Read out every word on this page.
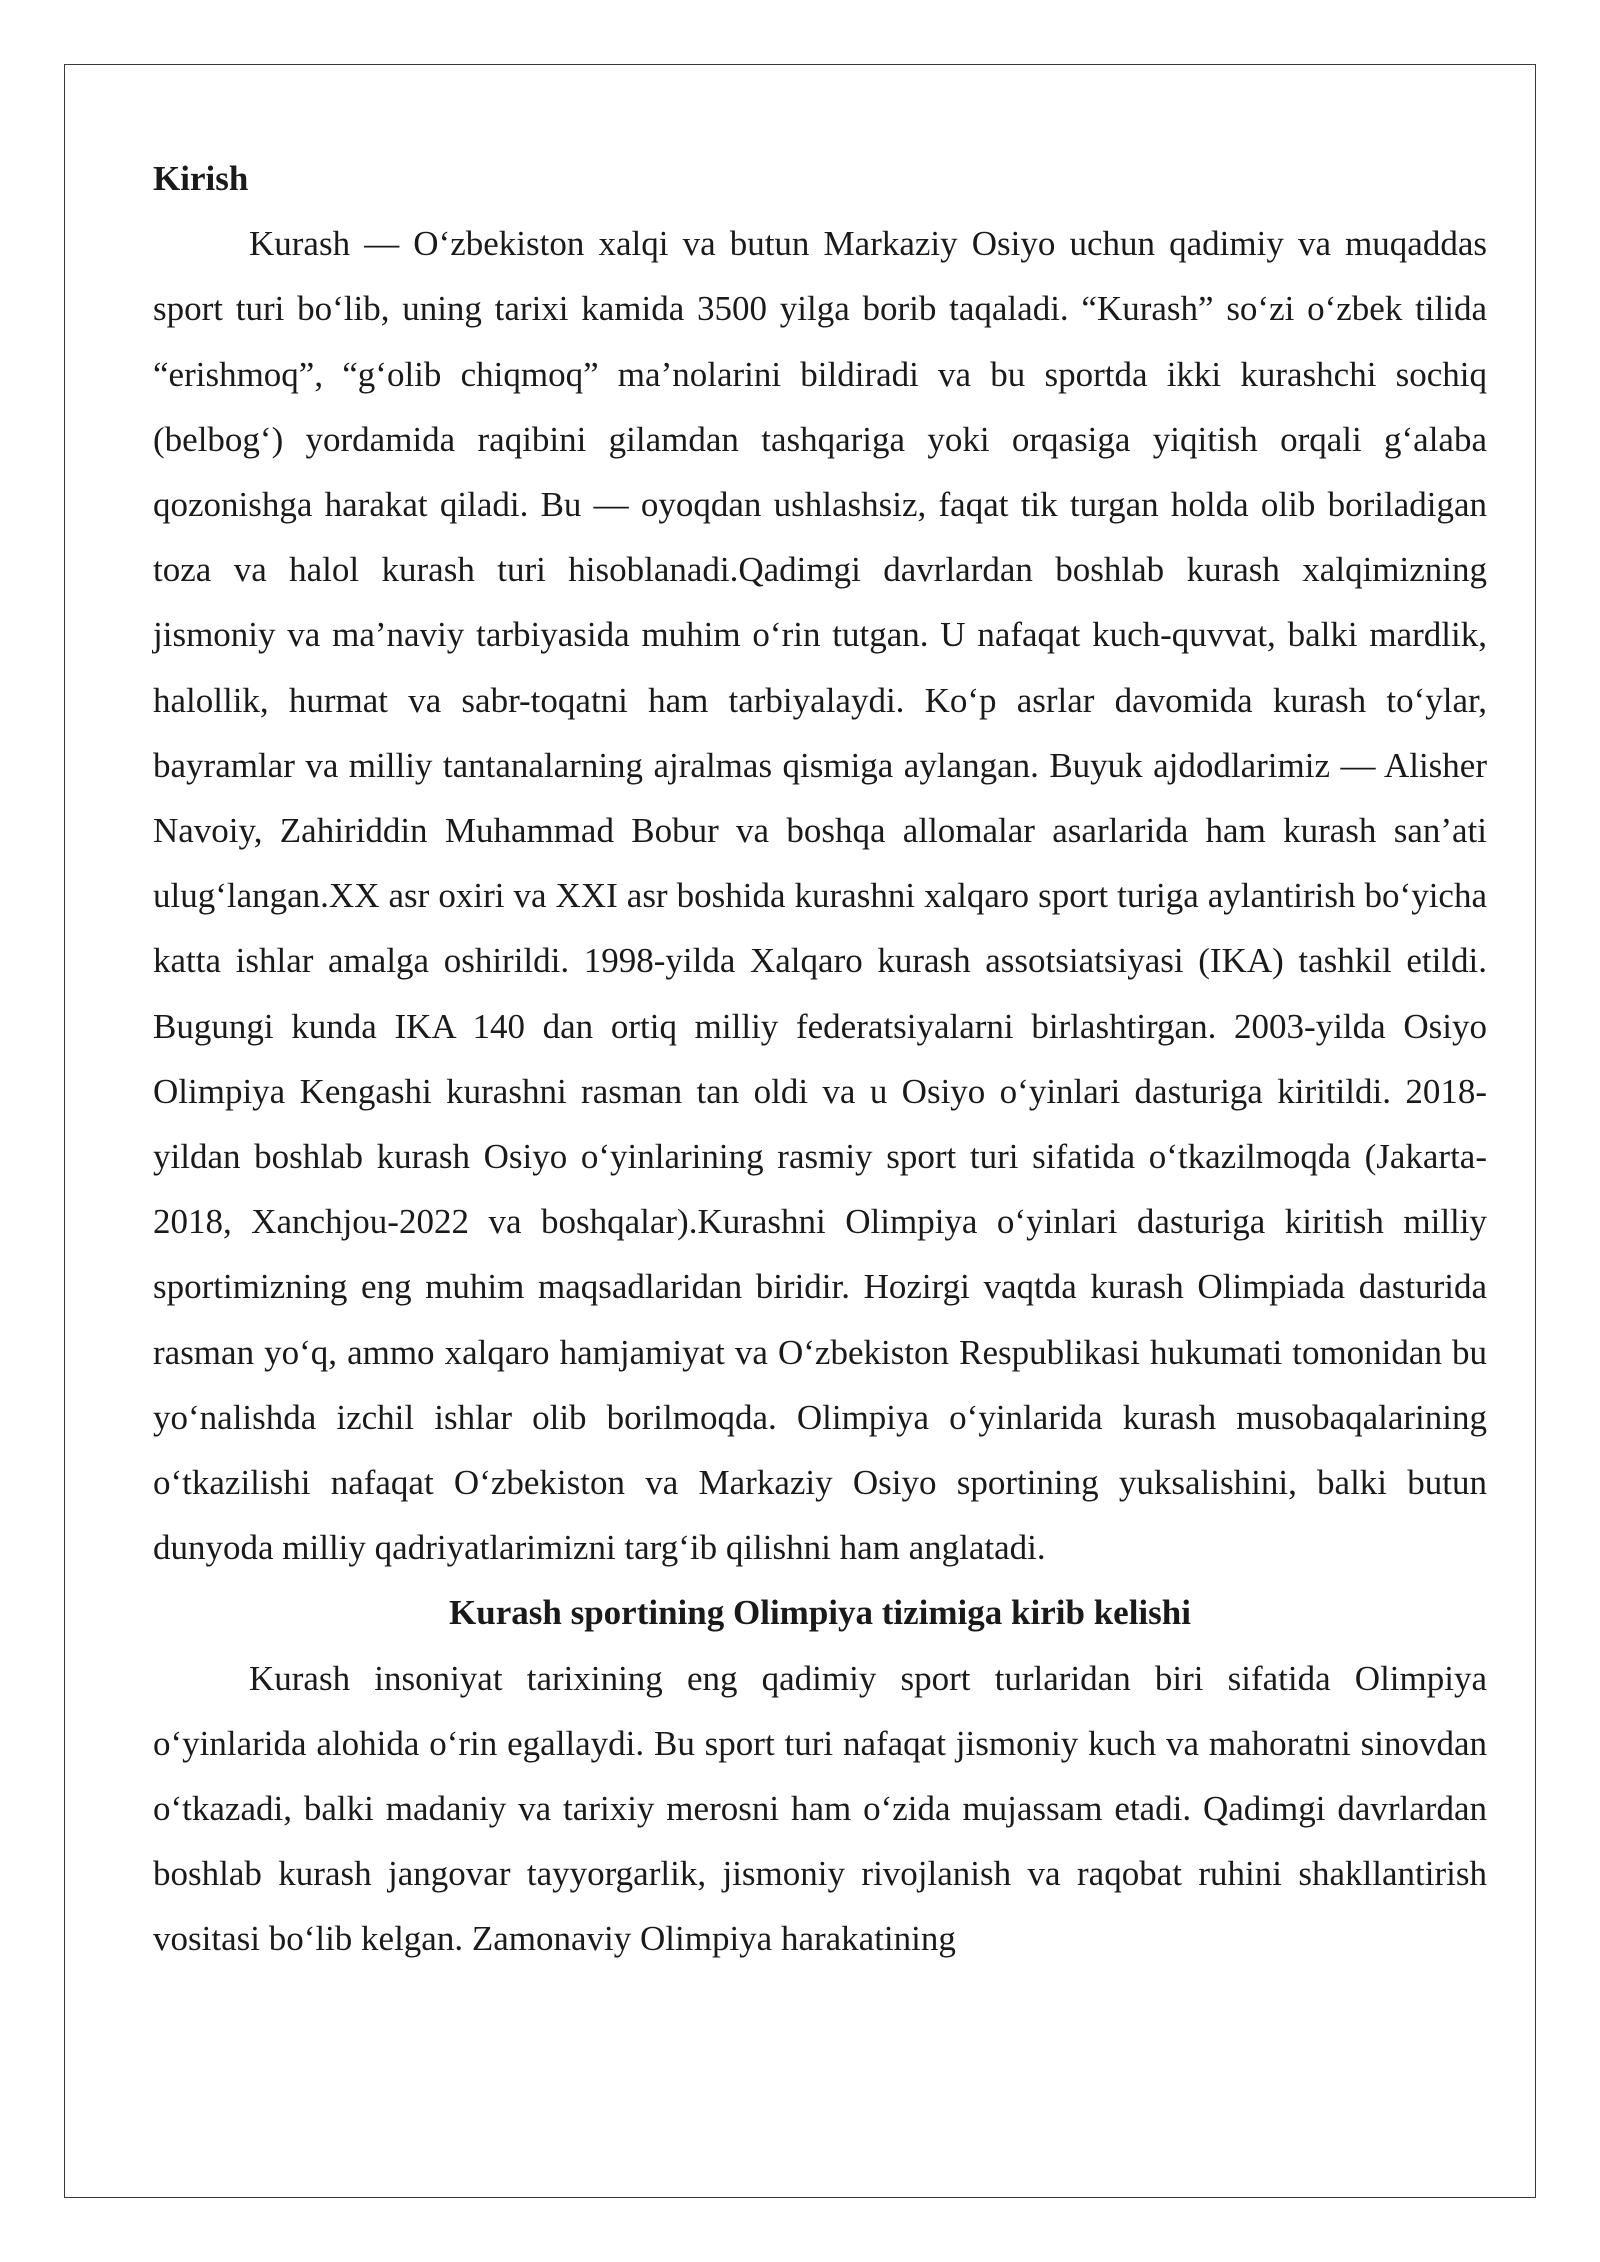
Kirish

Kurash — O‘zbekiston xalqi va butun Markaziy Osiyo uchun qadimiy va muqaddas sport turi bo‘lib, uning tarixi kamida 3500 yilga borib taqaladi. “Kurash” so‘zi o‘zbek tilida “erishmoq”, “g‘olib chiqmoq” ma’nolarini bildiradi va bu sportda ikki kurashchi sochiq (belbog‘) yordamida raqibini gilamdan tashqariga yoki orqasiga yiqitish orqali g‘alaba qozonishga harakat qiladi. Bu — oyoqdan ushlashsiz, faqat tik turgan holda olib boriladigan toza va halol kurash turi hisoblanadi.Qadimgi davrlardan boshlab kurash xalqimizning jismoniy va ma’naviy tarbiyasida muhim o‘rin tutgan. U nafaqat kuch-quvvat, balki mardlik, halollik, hurmat va sabr-toqatni ham tarbiyalaydi. Ko‘p asrlar davomida kurash to‘ylar, bayramlar va milliy tantanalarning ajralmas qismiga aylangan. Buyuk ajdodlarimiz — Alisher Navoiy, Zahiriddin Muhammad Bobur va boshqa allomalar asarlarida ham kurash san’ati ulug‘langan.XX asr oxiri va XXI asr boshida kurashni xalqaro sport turiga aylantirish bo‘yicha katta ishlar amalga oshirildi. 1998-yilda Xalqaro kurash assotsiatsiyasi (IKA) tashkil etildi. Bugungi kunda IKA 140 dan ortiq milliy federatsiyalarni birlashtirgan. 2003-yilda Osiyo Olimpiya Kengashi kurashni rasman tan oldi va u Osiyo o‘yinlari dasturiga kiritildi. 2018-yildan boshlab kurash Osiyo o‘yinlarining rasmiy sport turi sifatida o‘tkazilmoqda (Jakarta-2018, Xanchjou-2022 va boshqalar).Kurashni Olimpiya o‘yinlari dasturiga kiritish milliy sportimizning eng muhim maqsadlaridan biridir. Hozirgi vaqtda kurash Olimpiada dasturida rasman yo‘q, ammo xalqaro hamjamiyat va O‘zbekiston Respublikasi hukumati tomonidan bu yo‘nalishda izchil ishlar olib borilmoqda. Olimpiya o‘yinlarida kurash musobaqalarining o‘tkazilishi nafaqat O‘zbekiston va Markaziy Osiyo sportining yuksalishini, balki butun dunyoda milliy qadriyatlarimizni targ‘ib qilishni ham anglatadi.

Kurash sportining Olimpiya tizimiga kirib kelishi

Kurash insoniyat tarixining eng qadimiy sport turlaridan biri sifatida Olimpiya o‘yinlarida alohida o‘rin egallaydi. Bu sport turi nafaqat jismoniy kuch va mahoratni sinovdan o‘tkazadi, balki madaniy va tarixiy merosni ham o‘zida mujassam etadi. Qadimgi davrlardan boshlab kurash jangovar tayyorgarlik, jismoniy rivojlanish va raqobat ruhini shakllantirish vositasi bo‘lib kelgan. Zamonaviy Olimpiya harakatining
